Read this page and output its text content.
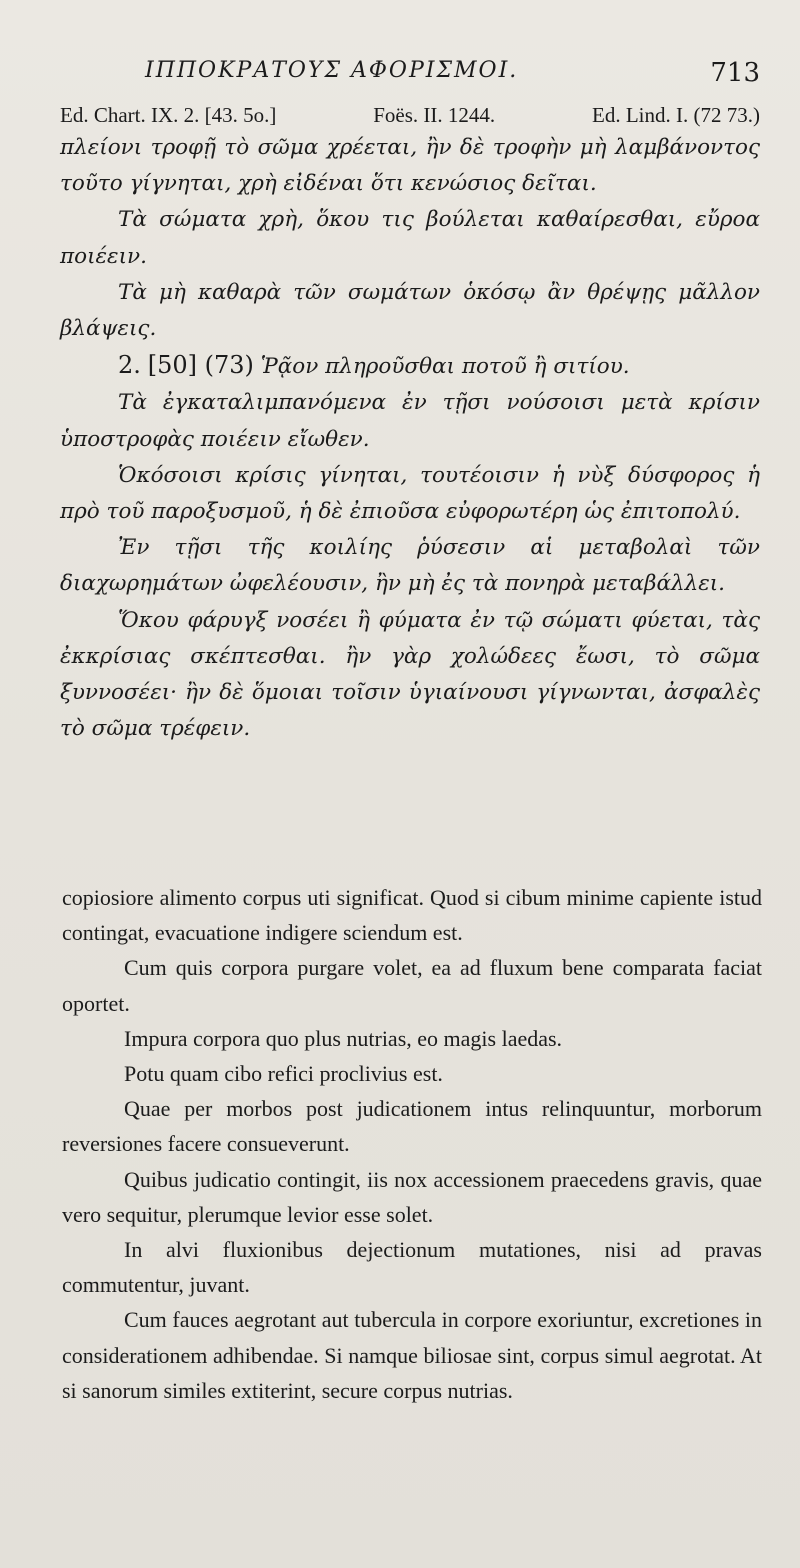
ΙΠΠΟΚΡΑΤΟΥΣ ΑΦΟΡΙΣΜΟΙ.	713
Ed. Chart. IX. 2. [43. 5o.]	Foës. II. 1244.	Ed. Lind. I. (72 73.)

πλείονι τροφῇ τὸ σῶμα χρέεται, ἢν δὲ τροφὴν μὴ λαμβάνοντος τοῦτο γίγνηται, χρὴ εἰδέναι ὅτι κενώσιος δεῖται.

Τὰ σώματα χρὴ, ὅκου τις βούλεται καθαίρεσθαι, εὔροα ποιέειν.

Τὰ μὴ καθαρὰ τῶν σωμάτων ὁκόσῳ ἂν θρέψῃς μᾶλλον βλάψεις.

2. [50] (73) Ῥᾷον πληροῦσθαι ποτοῦ ἢ σιτίου.

Τὰ ἐγκαταλιμπανόμενα ἐν τῇσι νούσοισι μετὰ κρίσιν ὑποστροφὰς ποιέειν εἴωθεν.

Ὁκόσοισι κρίσις γίνηται, τουτέοισιν ἡ νὺξ δύσφορος ἡ πρὸ τοῦ παροξυσμοῦ, ἡ δὲ ἐπιοῦσα εὐφορωτέρη ὡς ἐπιτοπολύ.

Ἐν τῇσι τῆς κοιλίης ῥύσεσιν αἱ μεταβολαὶ τῶν διαχωρημάτων ὠφελέουσιν, ἢν μὴ ἐς τὰ πονηρὰ μεταβάλλει.

Ὅκου φάρυγξ νοσέει ἢ φύματα ἐν τῷ σώματι φύεται, τὰς ἐκκρίσιας σκέπτεσθαι. ἢν γὰρ χολώδεες ἔωσι, τὸ σῶμα ξυννοσέει· ἢν δὲ ὅμοιαι τοῖσιν ὑγιαίνουσι γίγνωνται, ἀσφαλὲς τὸ σῶμα τρέφειν.

copiosiore alimento corpus uti significat. Quod si cibum minime capiente istud contingat, evacuatione indigere sciendum est.

Cum quis corpora purgare volet, ea ad fluxum bene comparata faciat oportet.

Impura corpora quo plus nutrias, eo magis laedas.

Potu quam cibo refici proclivius est.

Quae per morbos post judicationem intus relinquuntur, morborum reversiones facere consueverunt.

Quibus judicatio contingit, iis nox accessionem praecedens gravis, quae vero sequitur, plerumque levior esse solet.

In alvi fluxionibus dejectionum mutationes, nisi ad pravas commutentur, juvant.

Cum fauces aegrotant aut tubercula in corpore exoriuntur, excretiones in considerationem adhibendae. Si namque biliosae sint, corpus simul aegrotat. At si sanorum similes extiterint, secure corpus nutrias.
